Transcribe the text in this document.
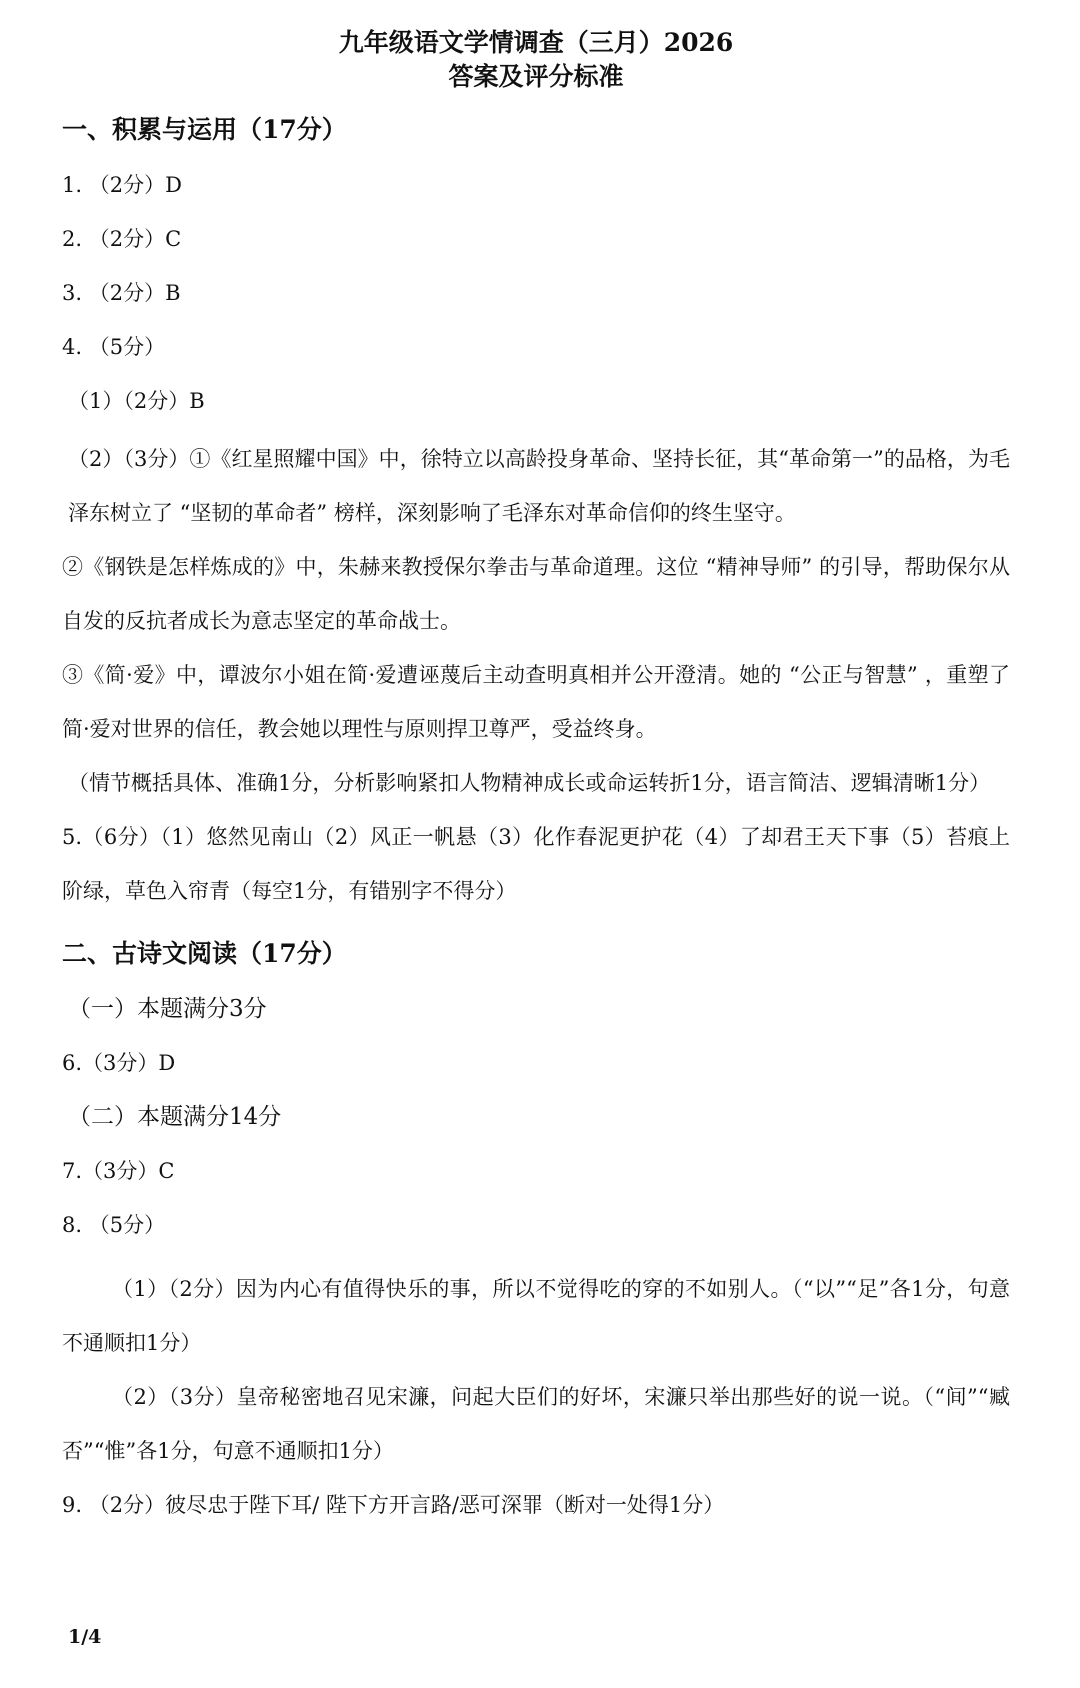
九年级语文学情调查（三月）2026

答案及评分标准

一、积累与运用（17分）

1. （2分）D

2. （2分）C

3. （2分）B

4. （5分）

（1）（2分）B

（2）（3分）①《红星照耀中国》中，徐特立以高龄投身革命、坚持长征，其“革命第一”的品格，为毛泽东树立了 “坚韧的革命者” 榜样，深刻影响了毛泽东对革命信仰的终生坚守。

②《钢铁是怎样炼成的》中，朱赫来教授保尔拳击与革命道理。这位 “精神导师” 的引导，帮助保尔从自发的反抗者成长为意志坚定的革命战士。

③《简·爱》中，谭波尔小姐在简·爱遭诬蔑后主动查明真相并公开澄清。她的 “公正与智慧” ，重塑了简·爱对世界的信任，教会她以理性与原则捍卫尊严，受益终身。

（情节概括具体、准确1分，分析影响紧扣人物精神成长或命运转折1分，语言简洁、逻辑清晰1分）

5.（6分）（1）悠然见南山（2）风正一帆悬（3）化作春泥更护花（4）了却君王天下事（5）苔痕上阶绿，草色入帘青（每空1分，有错别字不得分）

二、古诗文阅读（17分）

（一）本题满分3分

6.（3分）D

（二）本题满分14分

7.（3分）C

8. （5分）

（1）（2分）因为内心有值得快乐的事，所以不觉得吃的穿的不如别人。（“以”“足”各1分，句意不通顺扣1分）

（2）（3分）皇帝秘密地召见宋濂，问起大臣们的好坏，宋濂只举出那些好的说一说。（“间”“臧否”“惟”各1分，句意不通顺扣1分）

9. （2分）彼尽忠于陛下耳/ 陛下方开言路/恶可深罪（断对一处得1分）

1/4
